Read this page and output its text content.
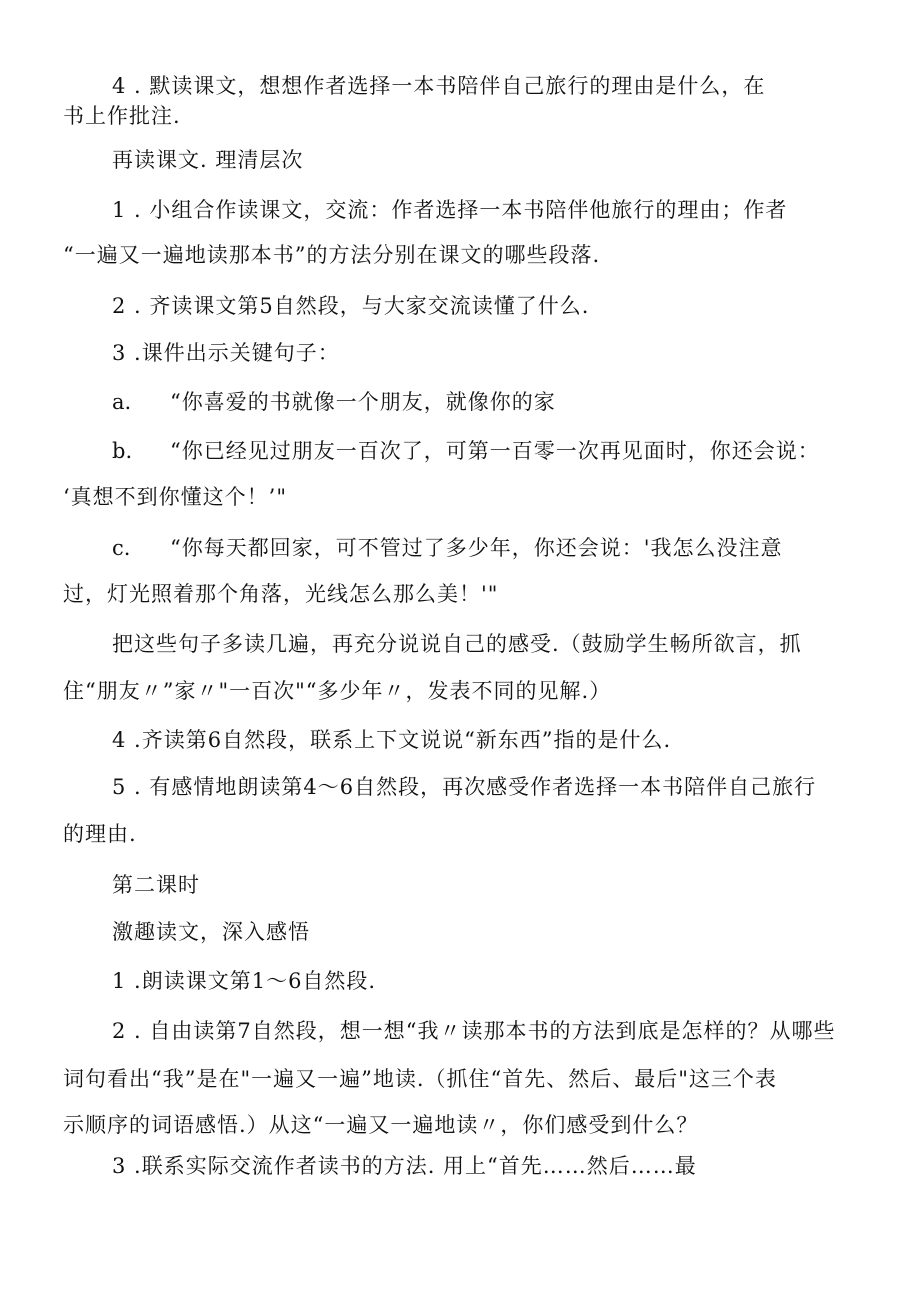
4 . 默读课文，想想作者选择一本书陪伴自己旅行的理由是什么，在
书上作批注.
再读课文. 理清层次
1 . 小组合作读课文，交流：作者选择一本书陪伴他旅行的理由；作者
“一遍又一遍地读那本书”的方法分别在课文的哪些段落.
2 . 齐读课文第5自然段，与大家交流读懂了什么.
3 .课件出示关键句子：
a. “你喜爱的书就像一个朋友，就像你的家
b. “你已经见过朋友一百次了，可第一百零一次再见面时，你还会说：
‘真想不到你懂这个！’"
c. “你每天都回家，可不管过了多少年，你还会说：'我怎么没注意
过，灯光照着那个角落，光线怎么那么美！'"
把这些句子多读几遍，再充分说说自己的感受.（鼓励学生畅所欲言，抓
住“朋友〃”家〃"一百次"“多少年〃，发表不同的见解.）
4 .齐读第6自然段，联系上下文说说“新东西”指的是什么.
5 . 有感情地朗读第4～6自然段，再次感受作者选择一本书陪伴自己旅行
的理由.
第二课时
激趣读文，深入感悟
1 .朗读课文第1～6自然段.
2 . 自由读第7自然段，想一想“我〃读那本书的方法到底是怎样的？从哪些
词句看出“我”是在"一遍又一遍”地读.（抓住“首先、然后、最后"这三个表
示顺序的词语感悟.）从这“一遍又一遍地读〃，你们感受到什么？
3 .联系实际交流作者读书的方法. 用上“首先……然后……最
